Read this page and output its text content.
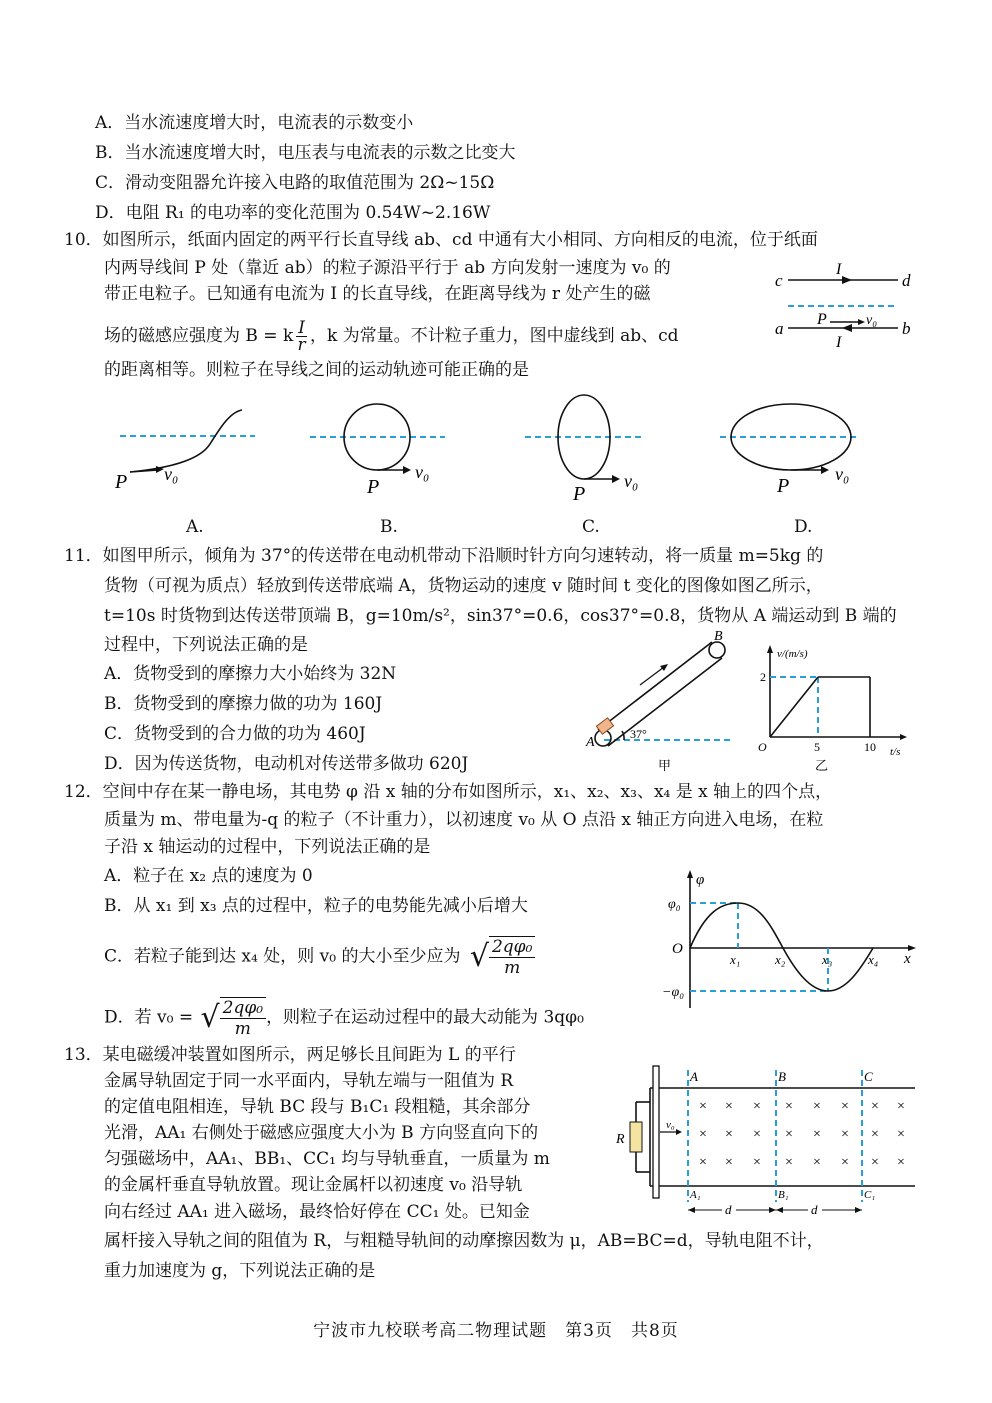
A．当水流速度增大时，电流表的示数变小
B．当水流速度增大时，电压表与电流表的示数之比变大
C．滑动变阻器允许接入电路的取值范围为 2Ω~15Ω
D．电阻 R₁ 的电功率的变化范围为 0.54W~2.16W
10．如图所示，纸面内固定的两平行长直导线 ab、cd 中通有大小相同、方向相反的电流，位于纸面
内两导线间 P 处（靠近 ab）的粒子源沿平行于 ab 方向发射一速度为 v₀ 的
带正电粒子。已知通有电流为 I 的长直导线，在距离导线为 r 处产生的磁
场的磁感应强度为 B = k $\frac{I}{r}$ ，k 为常量。不计粒子重力，图中虚线到 ab、cd
的距离相等。则粒子在导线之间的运动轨迹可能正确的是
c
I
d
a P	v₀
I
b
P v₀
P
v₀
P
v₀	P
v₀
A.	B.	C.	D.
11．如图甲所示，倾角为 37°的传送带在电动机带动下沿顺时针方向匀速转动，将一质量 m=5kg 的
货物（可视为质点）轻放到传送带底端 A，货物运动的速度 v 随时间 t 变化的图像如图乙所示，
t=10s 时货物到达传送带顶端 B，g=10m/s²，sin37°=0.6，cos37°=0.8，货物从 A 端运动到 B 端的
过程中，下列说法正确的是
A．货物受到的摩擦力大小始终为 32N
B．货物受到的摩擦力做的功为 160J
C．货物受到的合力做的功为 460J
D．因为传送货物，电动机对传送带多做功 620J
A
B
37°
甲
v/(m/s)
2
O	5	10 t/s
乙
12．空间中存在某一静电场，其电势 φ 沿 x 轴的分布如图所示，x₁、x₂、x₃、x₄ 是 x 轴上的四个点，
质量为 m、带电量为-q 的粒子（不计重力），以初速度 v₀ 从 O 点沿 x 轴正方向进入电场，在粒
子沿 x 轴运动的过程中，下列说法正确的是
A．粒子在 x₂ 点的速度为 0
B．从 x₁ 到 x₃ 点的过程中，粒子的电势能先减小后增大
C．若粒子能到达 x₄ 处，则 v₀ 的大小至少应为 √ $\frac{\text{2qφ₀}}{m}$
D．若 v₀ = √ $\frac{\text{2qφ₀}}{m}$ ，则粒子在运动过程中的最大动能为 3qφ₀
φ
φ₀
−φ₀
O
x
x₁	x₂	x₃	x₄
13．某电磁缓冲装置如图所示，两足够长且间距为 L 的平行
金属导轨固定于同一水平面内，导轨左端与一阻值为 R
的定值电阻相连，导轨 BC 段与 B₁C₁ 段粗糙，其余部分
光滑，AA₁ 右侧处于磁感应强度大小为 B 方向竖直向下的
匀强磁场中，AA₁、BB₁、CC₁ 均与导轨垂直，一质量为 m
的金属杆垂直导轨放置。现让金属杆以初速度 v₀ 沿导轨
向右经过 AA₁ 进入磁场，最终恰好停在 CC₁ 处。已知金
属杆接入导轨之间的阻值为 R，与粗糙导轨间的动摩擦因数为 μ，AB=BC=d，导轨电阻不计，
重力加速度为 g，下列说法正确的是
R
v₀
A	B	C
A₁	B₁	C₁
× × × × × × × ×
× × × × × × × ×
× × × × × × × ×
d	d
宁波市九校联考高二物理试题　第3页　共8页
